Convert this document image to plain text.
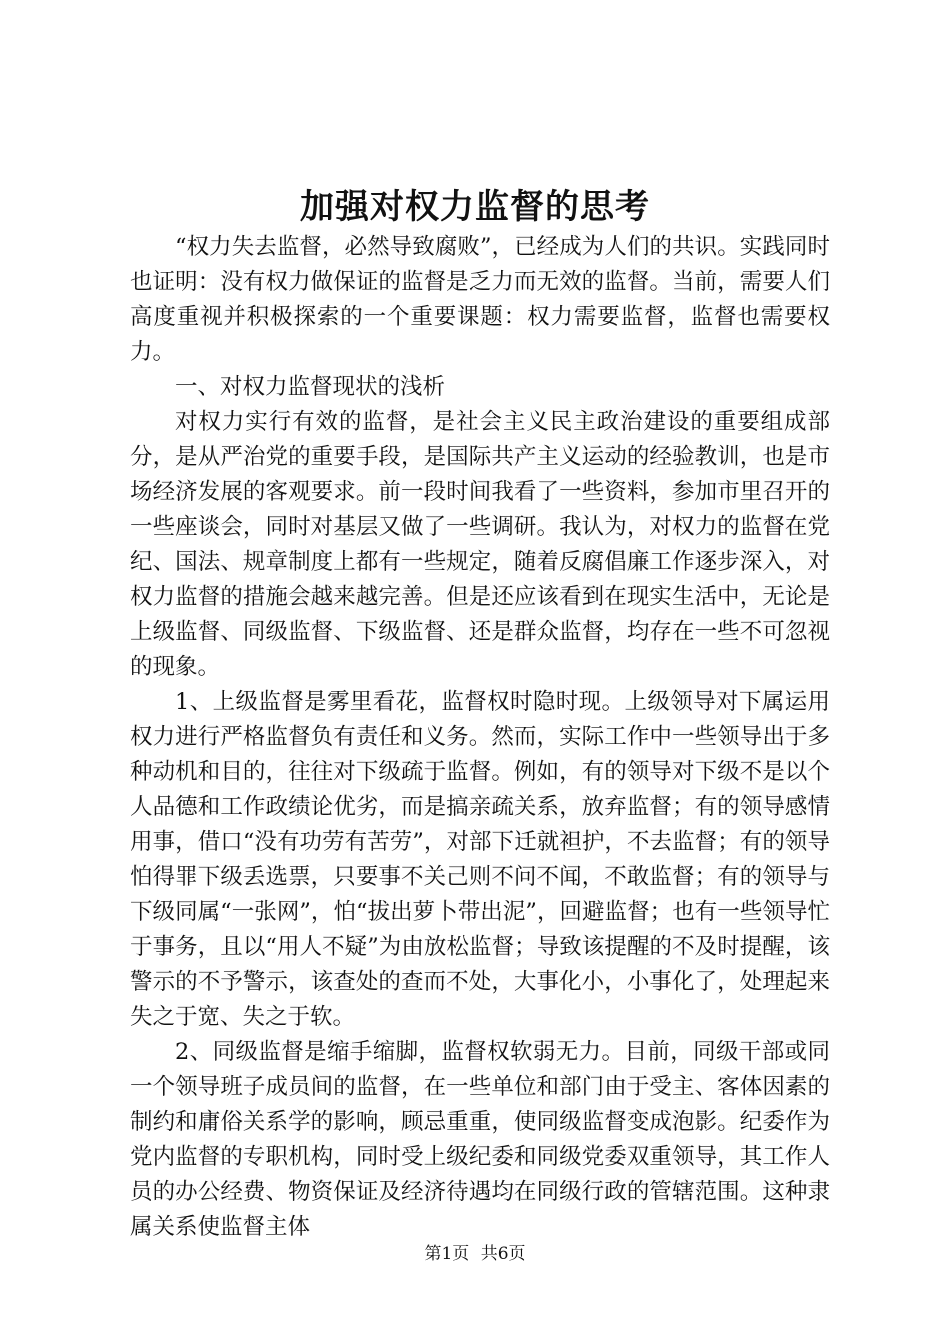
加强对权力监督的思考

“权力失去监督，必然导致腐败”，已经成为人们的共识。实践同时也证明：没有权力做保证的监督是乏力而无效的监督。当前，需要人们高度重视并积极探索的一个重要课题：权力需要监督，监督也需要权力。

一、对权力监督现状的浅析

对权力实行有效的监督，是社会主义民主政治建设的重要组成部分，是从严治党的重要手段，是国际共产主义运动的经验教训，也是市场经济发展的客观要求。前一段时间我看了一些资料，参加市里召开的一些座谈会，同时对基层又做了一些调研。我认为，对权力的监督在党纪、国法、规章制度上都有一些规定，随着反腐倡廉工作逐步深入，对权力监督的措施会越来越完善。但是还应该看到在现实生活中，无论是上级监督、同级监督、下级监督、还是群众监督，均存在一些不可忽视的现象。

1、上级监督是雾里看花，监督权时隐时现。上级领导对下属运用权力进行严格监督负有责任和义务。然而，实际工作中一些领导出于多种动机和目的，往往对下级疏于监督。例如，有的领导对下级不是以个人品德和工作政绩论优劣，而是搞亲疏关系，放弃监督；有的领导感情用事，借口“没有功劳有苦劳”，对部下迁就袒护，不去监督；有的领导怕得罪下级丢选票，只要事不关己则不问不闻，不敢监督；有的领导与下级同属“一张网”，怕“拔出萝卜带出泥”，回避监督；也有一些领导忙于事务，且以“用人不疑”为由放松监督；导致该提醒的不及时提醒，该警示的不予警示，该查处的查而不处，大事化小，小事化了，处理起来失之于宽、失之于软。

2、同级监督是缩手缩脚，监督权软弱无力。目前，同级干部或同一个领导班子成员间的监督，在一些单位和部门由于受主、客体因素的制约和庸俗关系学的影响，顾忌重重，使同级监督变成泡影。纪委作为党内监督的专职机构，同时受上级纪委和同级党委双重领导，其工作人员的办公经费、物资保证及经济待遇均在同级行政的管辖范围。这种隶属关系使监督主体

第1页 共6页
